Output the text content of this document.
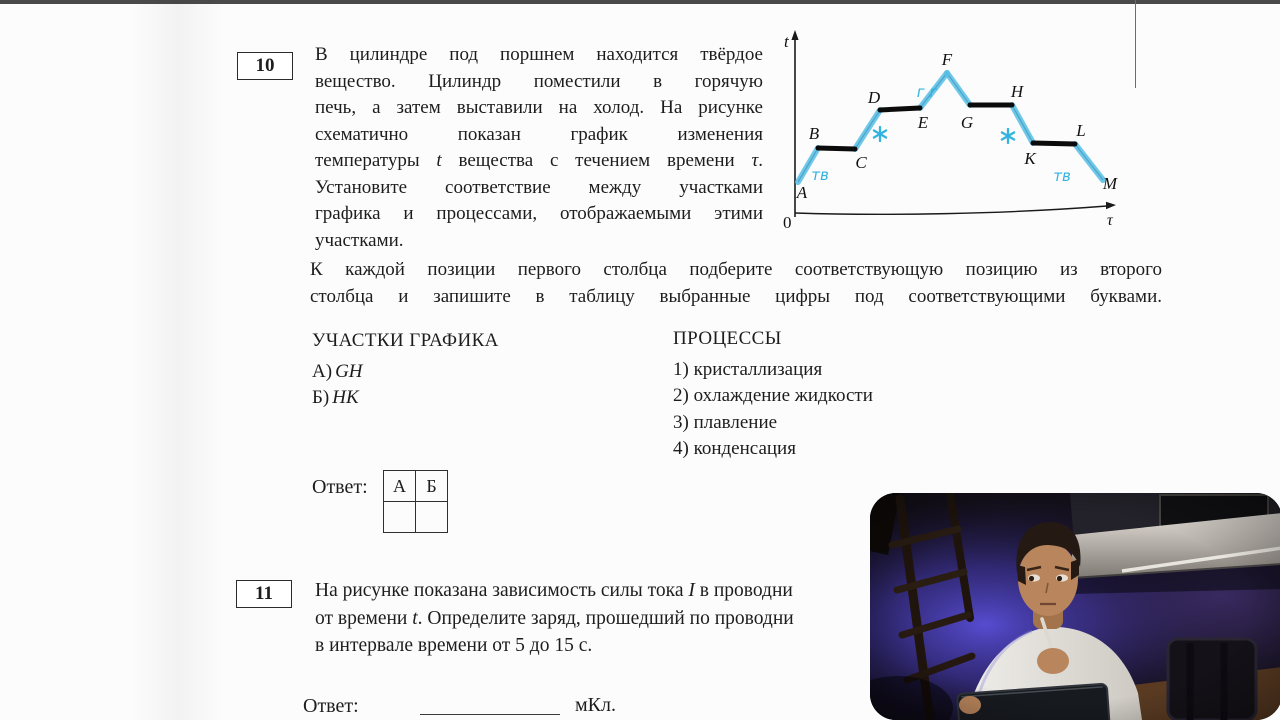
10
В цилиндре под поршнем находится твёрдое
вещество. Цилиндр поместили в горячую
печь, а затем выставили на холод. На рисунке
схематично показан график изменения
температуры t вещества с течением времени τ.
Установите соответствие между участками
графика и процессами, отображаемыми этими
участками.
A
B
C
D
E
F
G
H
K
L
M
t
τ
0
тв
г г
тв
К каждой позиции первого столбца подберите соответствующую позицию из второго
столбца и запишите в таблицу выбранные цифры под соответствующими буквами.
УЧАСТКИ ГРАФИКА
А) GH
Б) HK
ПРОЦЕССЫ
1) кристаллизация
2) охлаждение жидкости
3) плавление
4) конденсация
Ответ: А	Б

11 На рисунке показана зависимость силы тока I в проводни
от времени t. Определите заряд, прошедший по проводни
в интервале времени от 5 до 15 с.
Ответ:	мКл.
